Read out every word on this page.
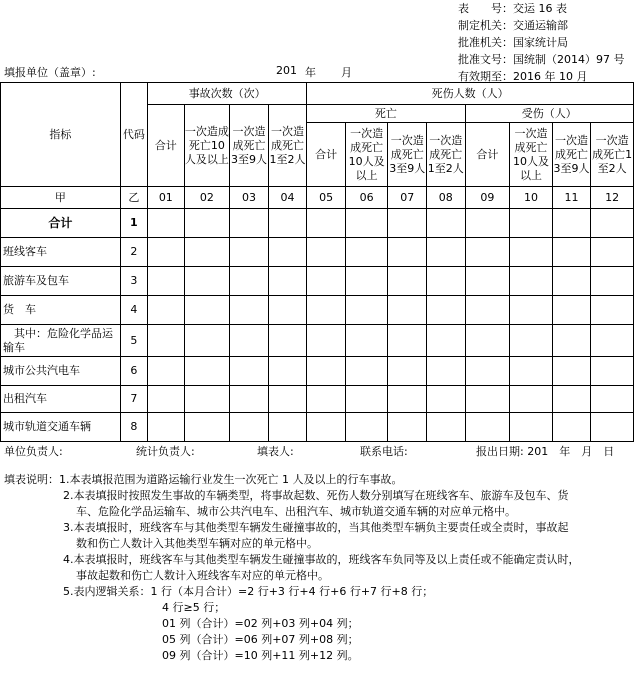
表　　号：交运 16 表
制定机关：交通运输部
批准机关：国家统计局
批准文号：国统制（2014）97 号
有效期至：2016 年 10 月
填报单位（盖章）:	201 年 月
指标	代码	事故次数（次）				死伤人数（人）							
		合计	一次造成死亡10人及以上	一次造成死亡3至9人	一次造成死亡1至2人	死亡				受伤（人）			
						合计	一次造成死亡10人及以上	一次造成死亡3至9人	一次造成死亡1至2人	合计	一次造成死亡10人及以上	一次造成死亡3至9人	一次造成死亡1至2人
甲	乙	01	02	03	04	05	06	07	08	09	10	11	12
合计	1												
班线客车	2												
旅游车及包车	3												
货　车	4												
　其中：危险化学品运输车	5												
城市公共汽电车	6												
出租汽车	7												
城市轨道交通车辆	8												
单位负责人:	统计负责人:	填表人:	联系电话:	报出日期: 201　年　月　日
填表说明：1.本表填报范围为道路运输行业发生一次死亡 1 人及以上的行车事故。
2.本表填报时按照发生事故的车辆类型，将事故起数、死伤人数分别填写在班线客车、旅游车及包车、货
车、危险化学品运输车、城市公共汽电车、出租汽车、城市轨道交通车辆的对应单元格中。
3.本表填报时，班线客车与其他类型车辆发生碰撞事故的，当其他类型车辆负主要责任或全责时，事故起
数和伤亡人数计入其他类型车辆对应的单元格中。
4.本表填报时，班线客车与其他类型车辆发生碰撞事故的，班线客车负同等及以上责任或不能确定责认时，
事故起数和伤亡人数计入班线客车对应的单元格中。
5.表内逻辑关系：1 行（本月合计）=2 行+3 行+4 行+6 行+7 行+8 行；
4 行≥5 行；
01 列（合计）=02 列+03 列+04 列；
05 列（合计）=06 列+07 列+08 列；
09 列（合计）=10 列+11 列+12 列。
